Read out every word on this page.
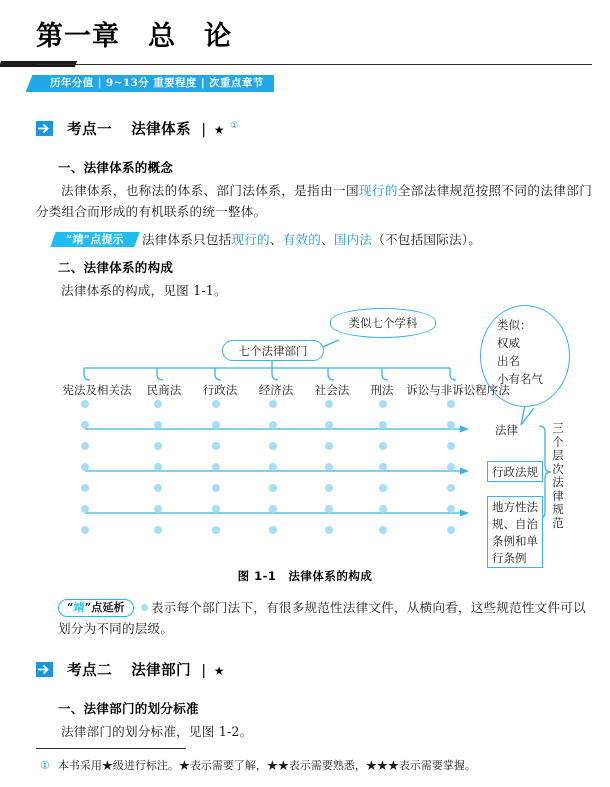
第一章　总　论
历年分值 | 9~13分 重要程度 | 次重点章节
考点一 法律体系 | ★ ①
一、法律体系的概念
法律体系，也称法的体系、部门法体系，是指由一国现行的全部法律规范按照不同的法律部门分类组合而形成的有机联系的统一整体。
“靖”点提示 法律体系只包括现行的、有效的、国内法（不包括国际法）。
二、法律体系的构成
法律体系的构成，见图 1-1。
七个法律部门
类似七个学科	类似：
权威
出名
小有名气
宪法及相关法	民商法	行政法	经济法	社会法	刑法	诉讼与非诉讼程序法
法律
行政法规
地方性法规、自治条例和单行条例
三个层次法律规范
图 1-1　法律体系的构成
“靖”点延析 表示每个部门法下，有很多规范性法律文件，从横向看，这些规范性文件可以划分为不同的层级。
考点二 法律部门 | ★
一、法律部门的划分标准
法律部门的划分标准，见图 1-2。
① 本书采用★级进行标注。★表示需要了解，★★表示需要熟悉，★★★表示需要掌握。
